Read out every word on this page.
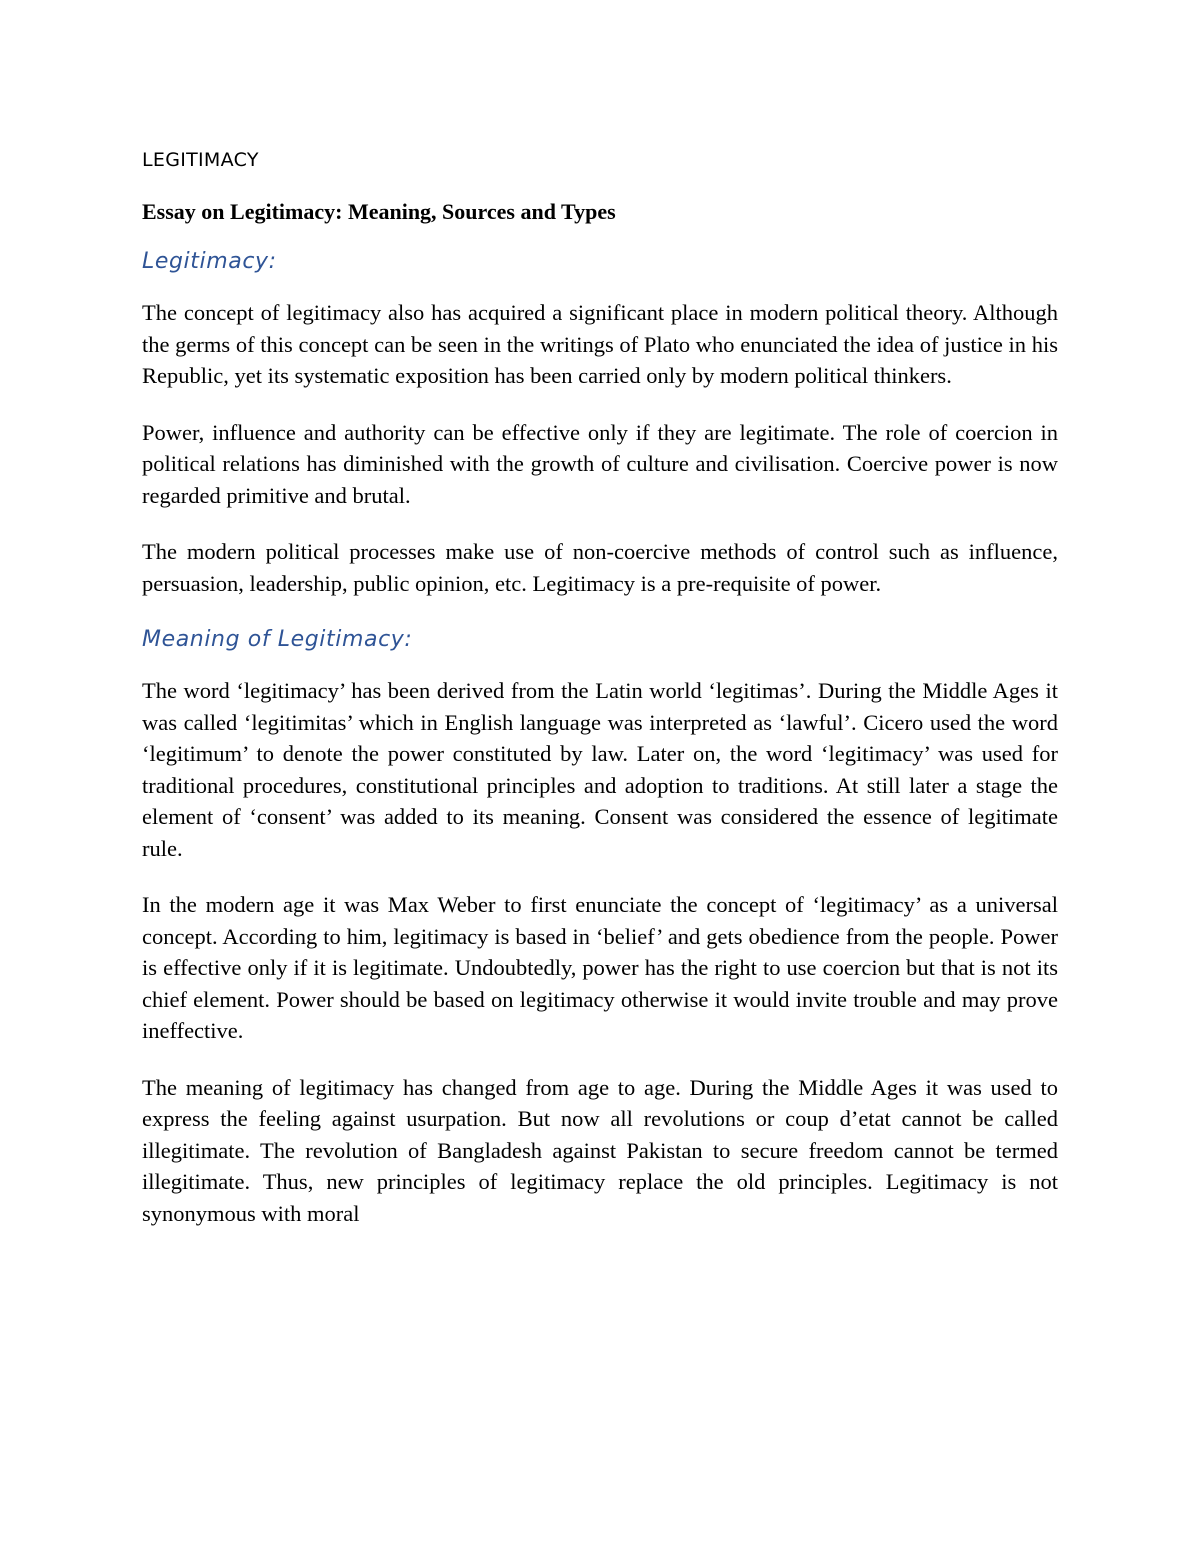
LEGITIMACY
Essay on Legitimacy: Meaning, Sources and Types
Legitimacy:

The concept of legitimacy also has acquired a significant place in modern political theory. Although the germs of this concept can be seen in the writings of Plato who enunciated the idea of justice in his Republic, yet its systematic exposition has been carried only by modern political thinkers.

Power, influence and authority can be effective only if they are legitimate. The role of coercion in political relations has diminished with the growth of culture and civilisation. Coercive power is now regarded primitive and brutal.

The modern political processes make use of non-coercive methods of control such as influence, persuasion, leadership, public opinion, etc. Legitimacy is a pre-requisite of power.

Meaning of Legitimacy:

The word ‘legitimacy’ has been derived from the Latin world ‘legitimas’. During the Middle Ages it was called ‘legitimitas’ which in English language was interpreted as ‘lawful’. Cicero used the word ‘legitimum’ to denote the power constituted by law. Later on, the word ‘legitimacy’ was used for traditional procedures, constitutional principles and adoption to traditions. At still later a stage the element of ‘consent’ was added to its meaning. Consent was considered the essence of legitimate rule.

In the modern age it was Max Weber to first enunciate the concept of ‘legitimacy’ as a universal concept. According to him, legitimacy is based in ‘belief’ and gets obedience from the people. Power is effective only if it is legitimate. Undoubtedly, power has the right to use coercion but that is not its chief element. Power should be based on legitimacy otherwise it would invite trouble and may prove ineffective.

The meaning of legitimacy has changed from age to age. During the Middle Ages it was used to express the feeling against usurpation. But now all revolutions or coup d’etat cannot be called illegitimate. The revolution of Bangladesh against Pakistan to secure freedom cannot be termed illegitimate. Thus, new principles of legitimacy replace the old principles. Legitimacy is not synonymous with moral
